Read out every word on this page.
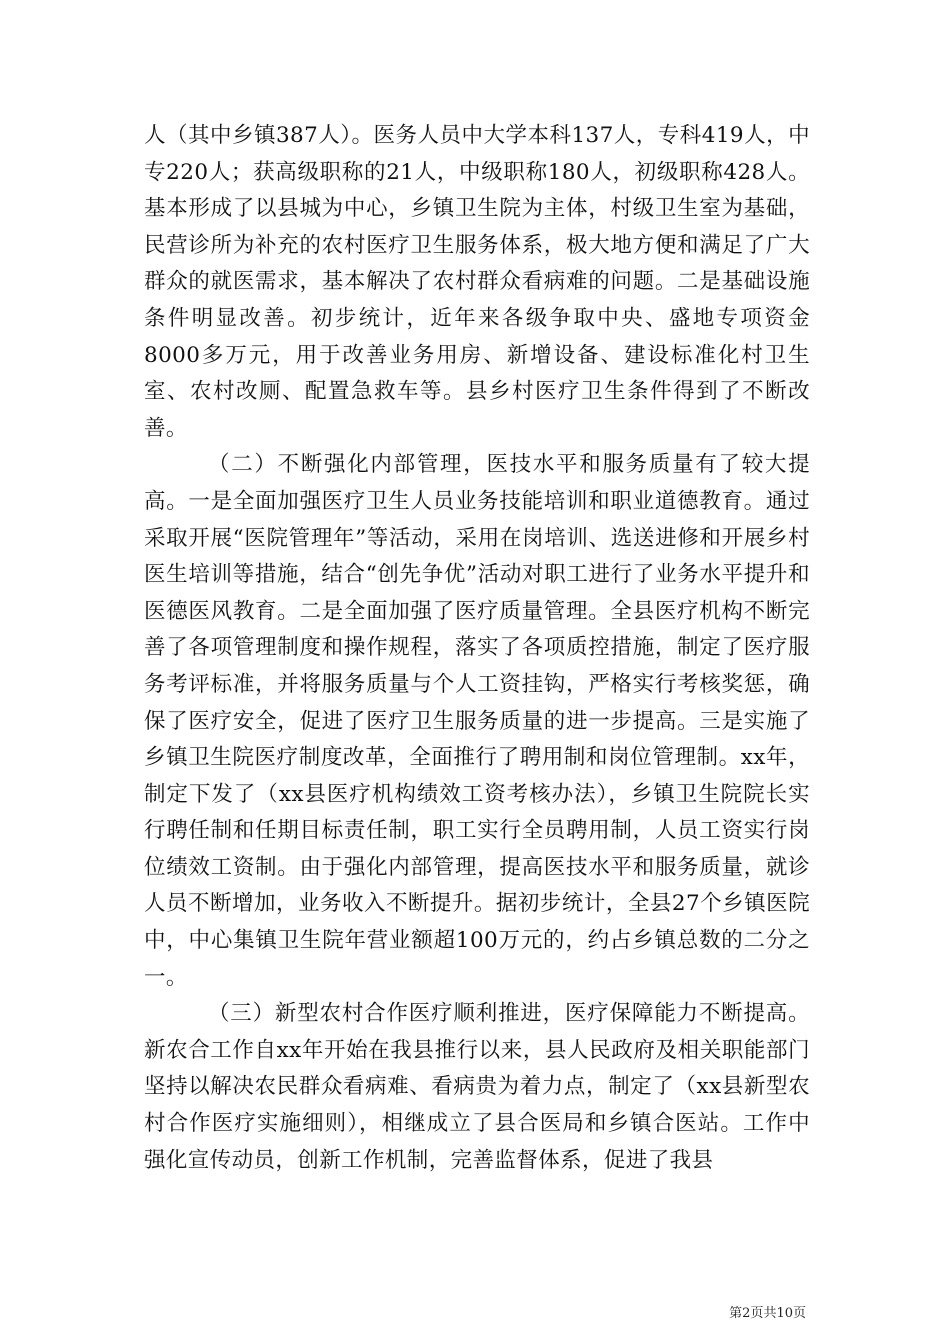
人（其中乡镇387人）。医务人员中大学本科137人，专科419人，中专220人；获高级职称的21人，中级职称180人，初级职称428人。基本形成了以县城为中心，乡镇卫生院为主体，村级卫生室为基础，民营诊所为补充的农村医疗卫生服务体系，极大地方便和满足了广大群众的就医需求，基本解决了农村群众看病难的问题。二是基础设施条件明显改善。初步统计，近年来各级争取中央、盛地专项资金8000多万元，用于改善业务用房、新增设备、建设标准化村卫生室、农村改厕、配置急救车等。县乡村医疗卫生条件得到了不断改善。

（二）不断强化内部管理，医技水平和服务质量有了较大提高。一是全面加强医疗卫生人员业务技能培训和职业道德教育。通过采取开展“医院管理年”等活动，采用在岗培训、选送进修和开展乡村医生培训等措施，结合“创先争优”活动对职工进行了业务水平提升和医德医风教育。二是全面加强了医疗质量管理。全县医疗机构不断完善了各项管理制度和操作规程，落实了各项质控措施，制定了医疗服务考评标准，并将服务质量与个人工资挂钩，严格实行考核奖惩，确保了医疗安全，促进了医疗卫生服务质量的进一步提高。三是实施了乡镇卫生院医疗制度改革，全面推行了聘用制和岗位管理制。xx年，制定下发了（xx县医疗机构绩效工资考核办法），乡镇卫生院院长实行聘任制和任期目标责任制，职工实行全员聘用制，人员工资实行岗位绩效工资制。由于强化内部管理，提高医技水平和服务质量，就诊人员不断增加，业务收入不断提升。据初步统计，全县27个乡镇医院中，中心集镇卫生院年营业额超100万元的，约占乡镇总数的二分之一。

（三）新型农村合作医疗顺利推进，医疗保障能力不断提高。新农合工作自xx年开始在我县推行以来，县人民政府及相关职能部门坚持以解决农民群众看病难、看病贵为着力点，制定了（xx县新型农村合作医疗实施细则），相继成立了县合医局和乡镇合医站。工作中强化宣传动员，创新工作机制，完善监督体系，促进了我县

第2页共10页
